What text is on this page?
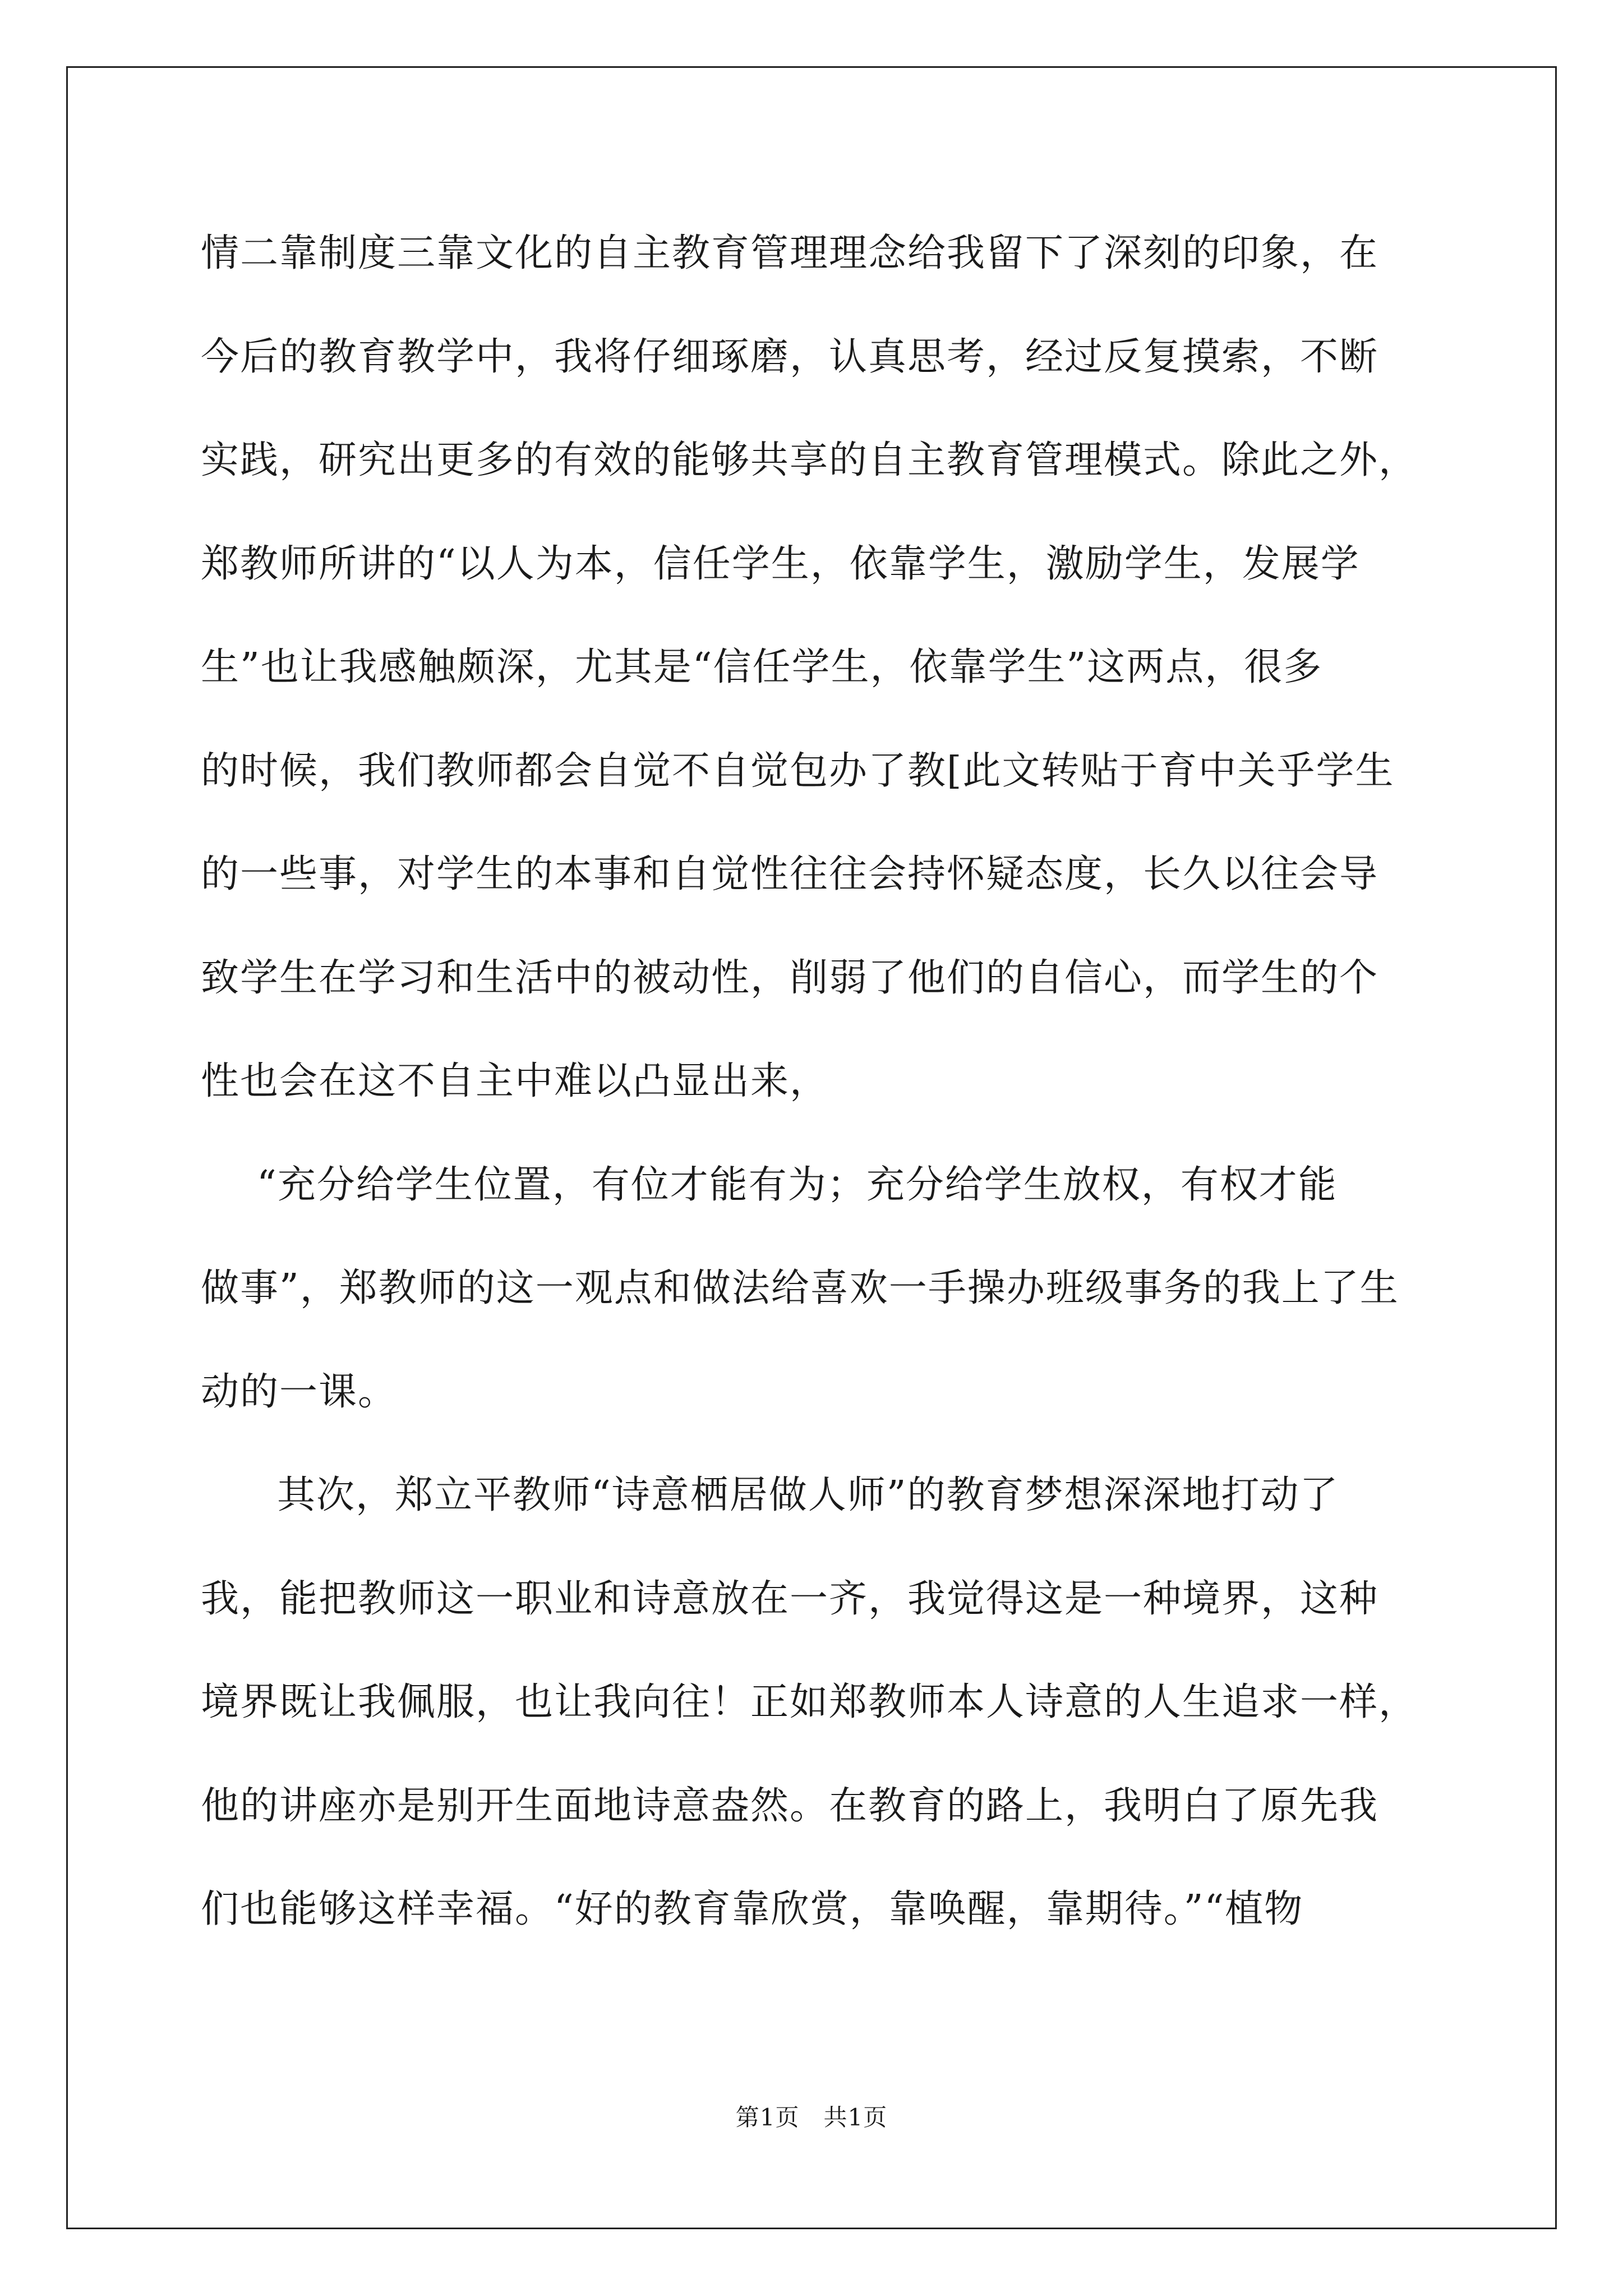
情二靠制度三靠文化的自主教育管理理念给我留下了深刻的印象，在
今后的教育教学中，我将仔细琢磨，认真思考，经过反复摸索，不断
实践，研究出更多的有效的能够共享的自主教育管理模式。除此之外，
郑教师所讲的“以人为本，信任学生，依靠学生，激励学生，发展学
生”也让我感触颇深，尤其是“信任学生，依靠学生”这两点，很多
的时候，我们教师都会自觉不自觉包办了教[此文转贴于育中关乎学生
的一些事，对学生的本事和自觉性往往会持怀疑态度，长久以往会导
致学生在学习和生活中的被动性，削弱了他们的自信心，而学生的个
性也会在这不自主中难以凸显出来，
“充分给学生位置，有位才能有为；充分给学生放权，有权才能
做事”，郑教师的这一观点和做法给喜欢一手操办班级事务的我上了生
动的一课。
其次，郑立平教师“诗意栖居做人师”的教育梦想深深地打动了
我，能把教师这一职业和诗意放在一齐，我觉得这是一种境界，这种
境界既让我佩服，也让我向往！正如郑教师本人诗意的人生追求一样，
他的讲座亦是别开生面地诗意盎然。在教育的路上，我明白了原先我
们也能够这样幸福。“好的教育靠欣赏，靠唤醒，靠期待。”“植物
第1页　共1页
